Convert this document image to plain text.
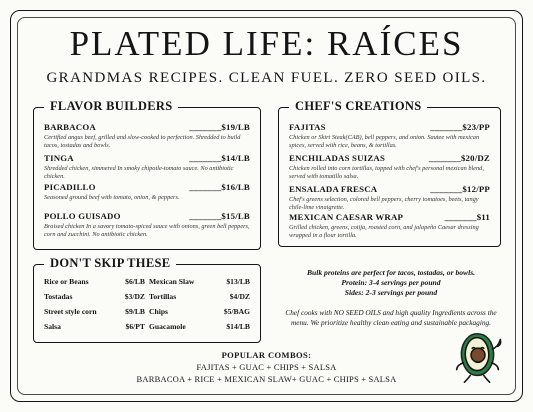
PLATED LIFE: RAÍCES

GRANDMAS RECIPES. CLEAN FUEL. ZERO SEED OILS.

FLAVOR BUILDERS
BARBACOA	_______$19/LB
Certified angus beef, grilled and slow-cooked to perfection. Shredded to build tacos, tostadas and bowls.
TINGA	_______$14/LB
Shredded chicken, simmered In smoky chipotle-tomato sauce. No antibiotic chicken.
PICADILLO	_______$16/LB
Seasoned ground beef with tomato, onion, & peppers.
POLLO GUISADO	_______$15/LB
Braised chicken In a savory tomato-spiced sauce with onions, green bell peppers, corn and zucchini. No antibiotic chicken.
CHEF'S CREATIONS
FAJITAS	_______$23/PP
Chicken or Skirt Steak(CAB), bell peppers, and onion. Sautee with mexican spices, served with rice, beans, & tortillas.
ENCHILADAS SUIZAS	_______$20/DZ
Chicken rolled into corn tortillas, topped with chef's personal mexican blend, served with tomatillo salsa.
ENSALADA FRESCA	_______$12/PP
Chef's greens selection, colored bell peppers, cherry tomatoes, beets, tangy chile-lime vinaigrette.
MEXICAN CAESAR WRAP	_______$11
Grilled chicken, greens, cotija, roasted corn, and jalapeño Caesar dressing wrapped in a flour tortilla.
DON'T SKIP THESE
Rice or Beans	$6/LB Mexican Slaw	$13/LB
Tostadas	$3/DZ Tortillas	$4/DZ
Street style corn	$9/LB Chips	$5/BAG
Salsa	$6/PT Guacamole	$14/LB

Bulk proteins are perfect for tacos, tostadas, or bowls.

Protein: 3-4 servings per pound

Sides: 2-3 servings per pound

Chef cooks with NO SEED OILS and high quality Ingredients across the menu. We prioritize healthy clean eating and sustainable packaging.

POPULAR COMBOS:

FAJITAS + GUAC + CHIPS + SALSA

BARBACOA + RICE + MEXICAN SLAW+ GUAC + CHIPS + SALSA
